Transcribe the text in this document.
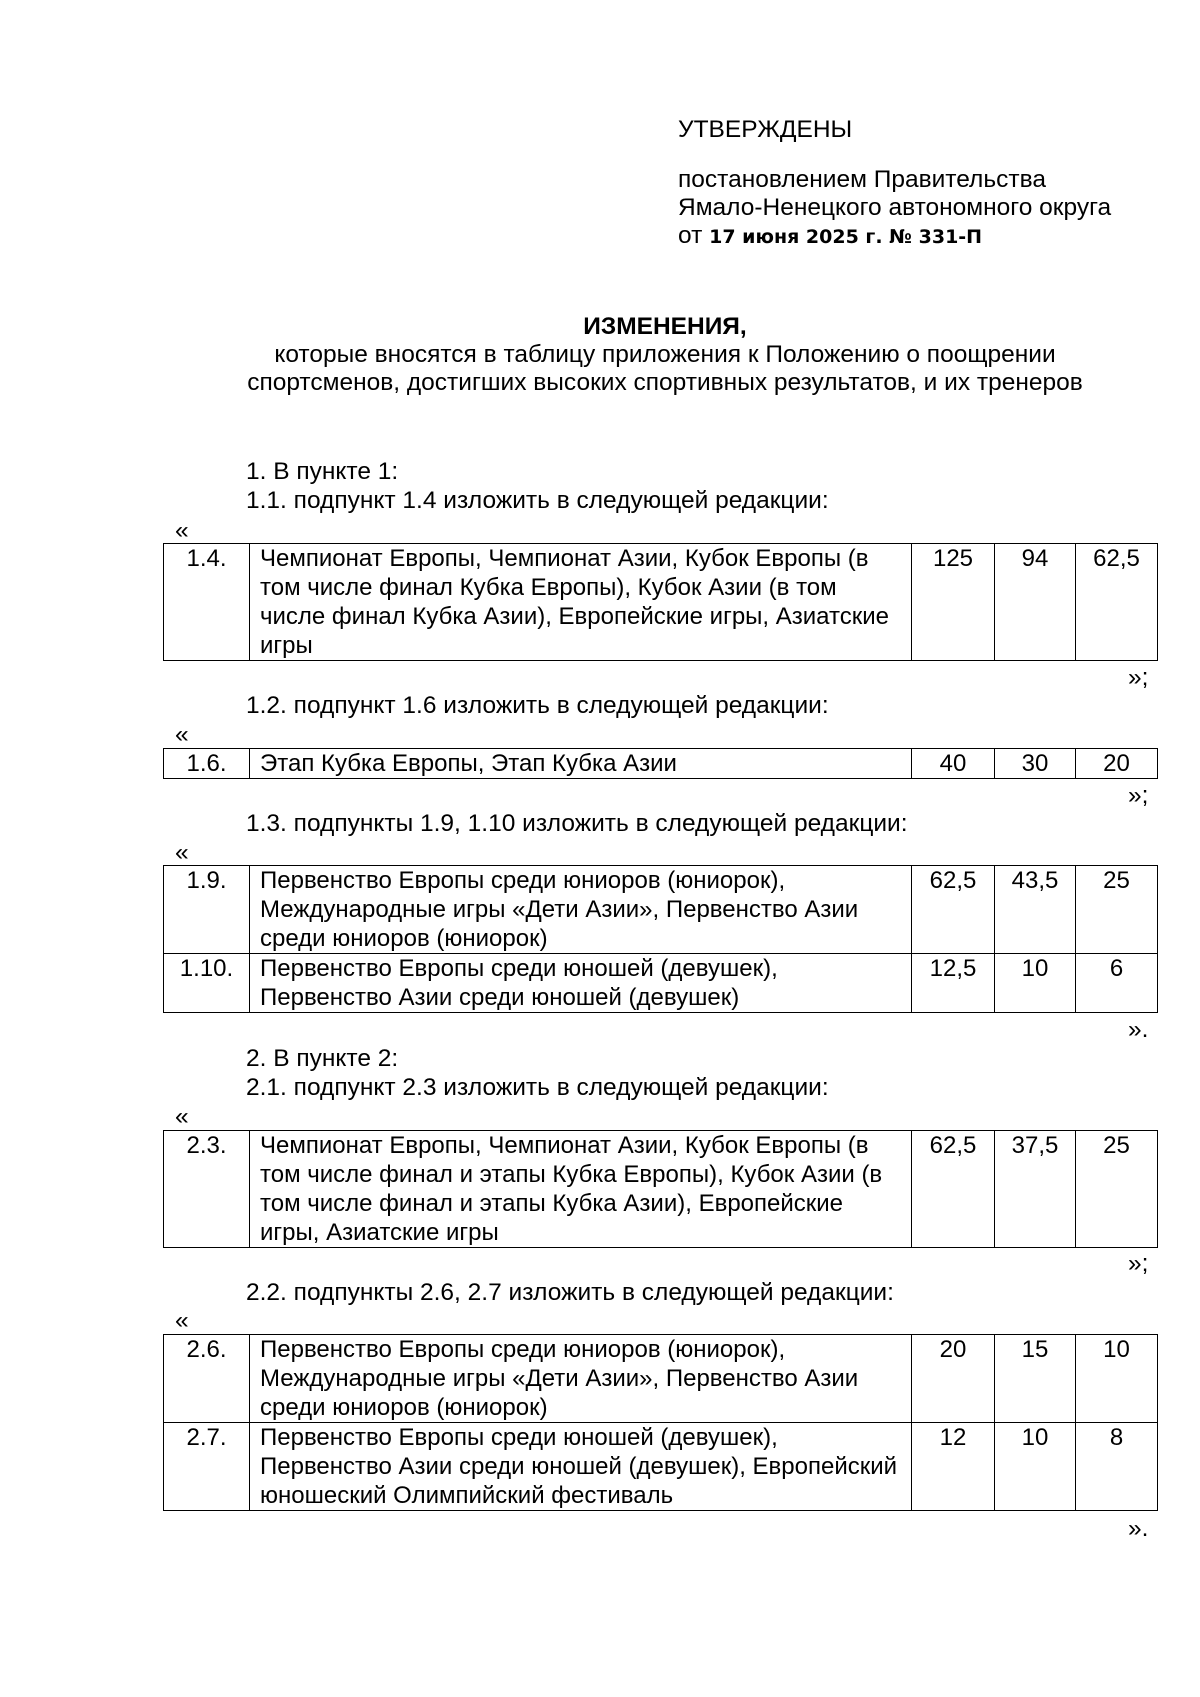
УТВЕРЖДЕНЫ
постановлением Правительства
Ямало-Ненецкого автономного округа
от 17 июня 2025 г. № 331-П
ИЗМЕНЕНИЯ,
которые вносятся в таблицу приложения к Положению о поощрении
спортсменов, достигших высоких спортивных результатов, и их тренеров
1. В пункте 1:
1.1. подпункт 1.4 изложить в следующей редакции:
«
1.4.	Чемпионат Европы, Чемпионат Азии, Кубок Европы (в том числе финал Кубка Европы), Кубок Азии (в том числе финал Кубка Азии), Европейские игры, Азиатские игры	125	94	62,5
»;
1.2. подпункт 1.6 изложить в следующей редакции:
«
1.6.	Этап Кубка Европы, Этап Кубка Азии	40	30	20
»;
1.3. подпункты 1.9, 1.10 изложить в следующей редакции:
«
1.9.	Первенство Европы среди юниоров (юниорок), Международные игры «Дети Азии», Первенство Азии среди юниоров (юниорок)	62,5	43,5	25
1.10.	Первенство Европы среди юношей (девушек), Первенство Азии среди юношей (девушек)	12,5	10	6
».
2. В пункте 2:
2.1. подпункт 2.3 изложить в следующей редакции:
«
2.3.	Чемпионат Европы, Чемпионат Азии, Кубок Европы (в том числе финал и этапы Кубка Европы), Кубок Азии (в том числе финал и этапы Кубка Азии), Европейские игры, Азиатские игры	62,5	37,5	25
»;
2.2. подпункты 2.6, 2.7 изложить в следующей редакции:
«
2.6.	Первенство Европы среди юниоров (юниорок), Международные игры «Дети Азии», Первенство Азии среди юниоров (юниорок)	20	15	10
2.7.	Первенство Европы среди юношей (девушек), Первенство Азии среди юношей (девушек), Европейский юношеский Олимпийский фестиваль	12	10	8
».
